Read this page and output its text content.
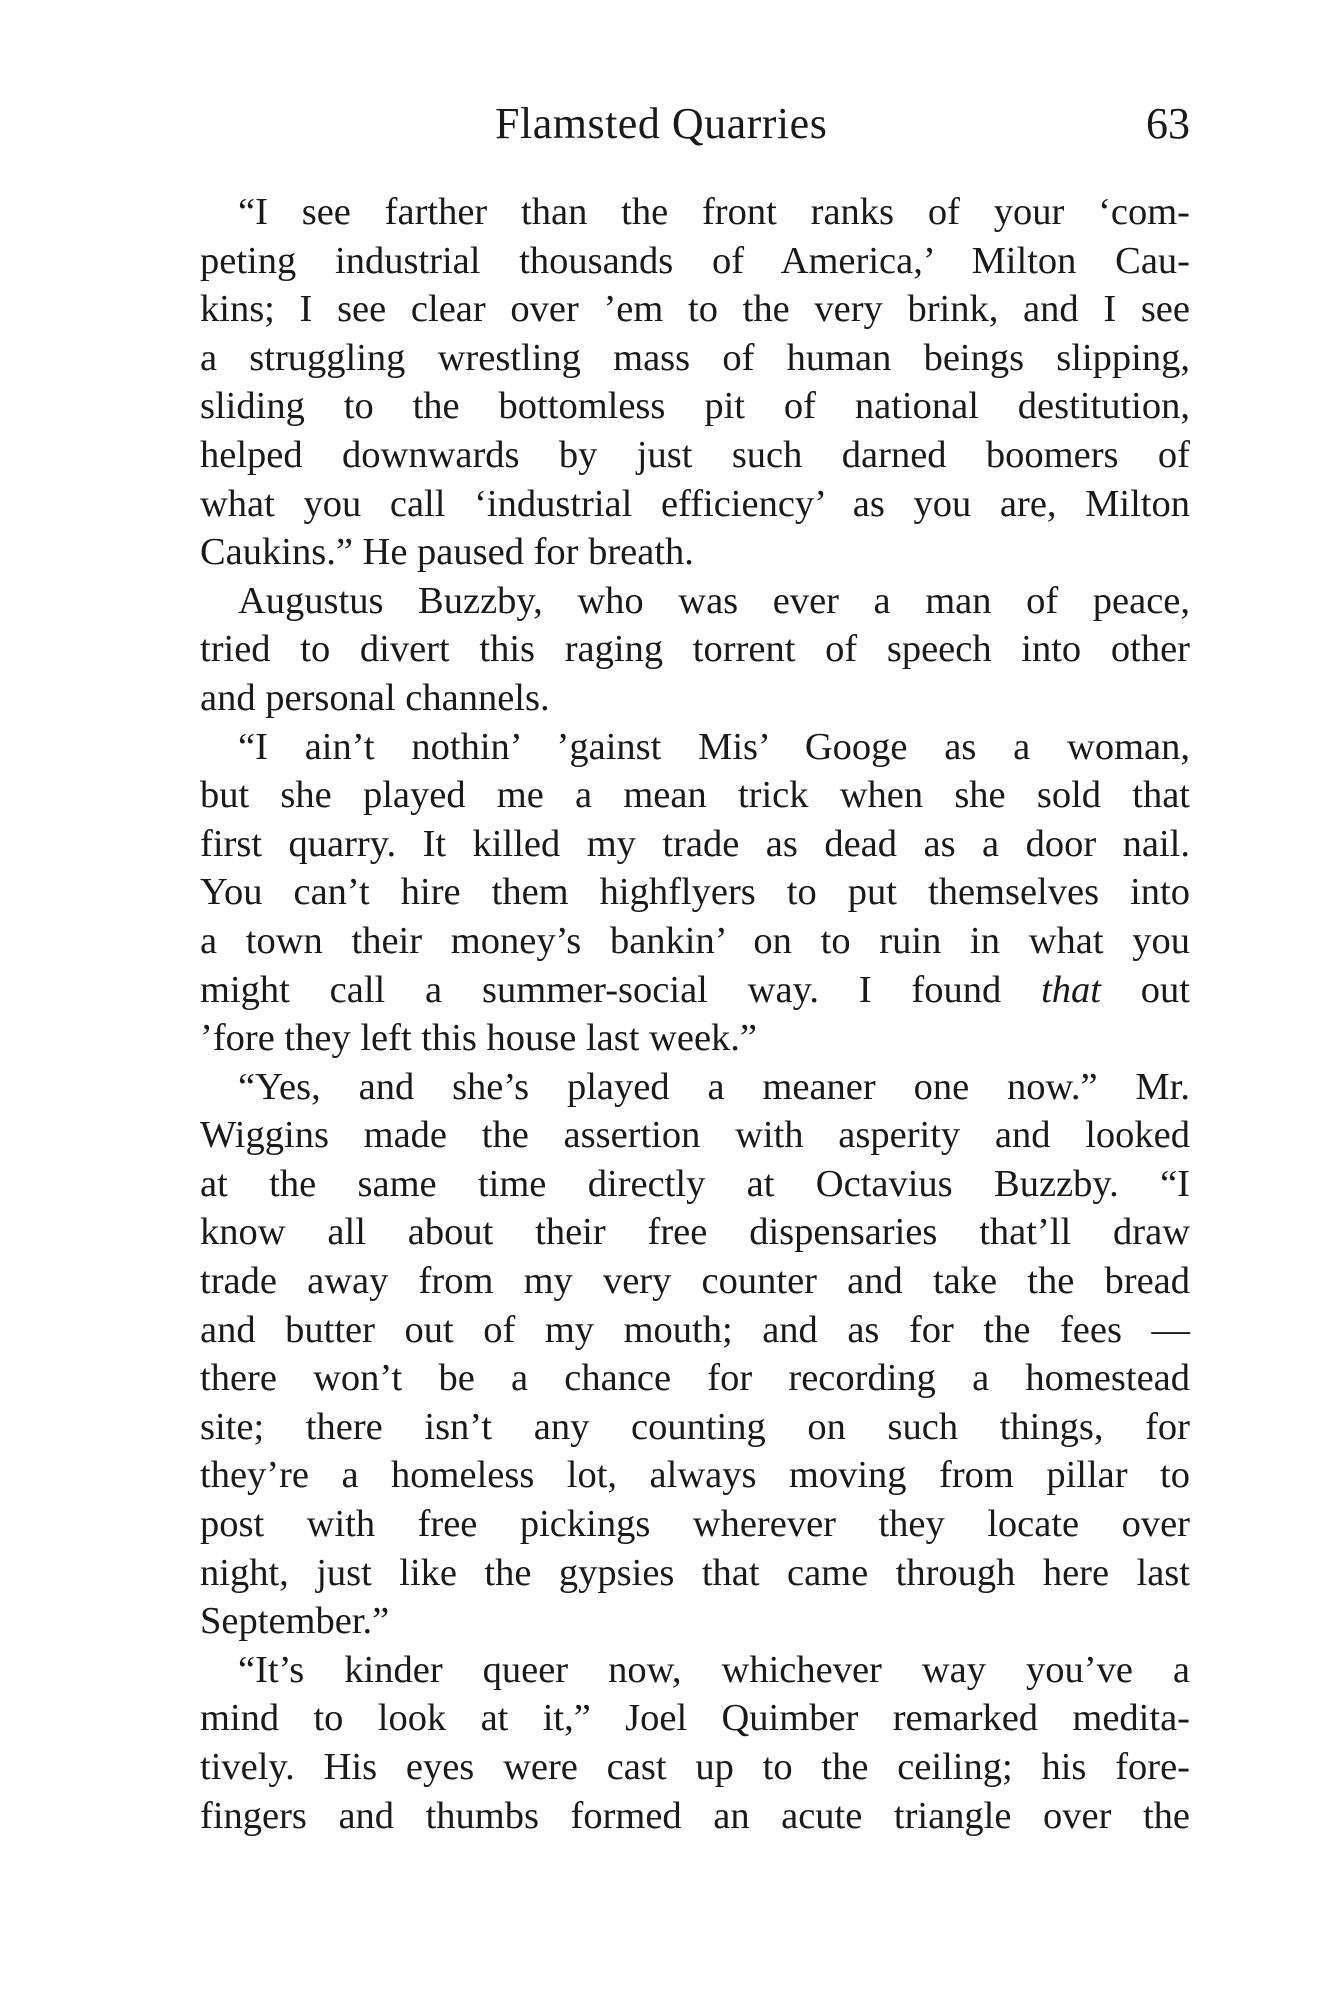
Flamsted Quarries	63

“I see farther than the front ranks of your ‘com-
peting industrial thousands of America,’ Milton Cau-
kins; I see clear over ’em to the very brink, and I see
a struggling wrestling mass of human beings slipping,
sliding to the bottomless pit of national destitution,
helped downwards by just such darned boomers of
what you call ‘industrial efficiency’ as you are, Milton
Caukins.” He paused for breath.

Augustus Buzzby, who was ever a man of peace,
tried to divert this raging torrent of speech into other
and personal channels.

“I ain’t nothin’ ’gainst Mis’ Googe as a woman,
but she played me a mean trick when she sold that
first quarry. It killed my trade as dead as a door nail.
You can’t hire them highflyers to put themselves into
a town their money’s bankin’ on to ruin in what you
might call a summer-social way. I found that out
’fore they left this house last week.”

“Yes, and she’s played a meaner one now.” Mr.
Wiggins made the assertion with asperity and looked
at the same time directly at Octavius Buzzby. “I
know all about their free dispensaries that’ll draw
trade away from my very counter and take the bread
and butter out of my mouth; and as for the fees —
there won’t be a chance for recording a homestead
site; there isn’t any counting on such things, for
they’re a homeless lot, always moving from pillar to
post with free pickings wherever they locate over
night, just like the gypsies that came through here last
September.”

“It’s kinder queer now, whichever way you’ve a
mind to look at it,” Joel Quimber remarked medita-
tively. His eyes were cast up to the ceiling; his fore-
fingers and thumbs formed an acute triangle over the
